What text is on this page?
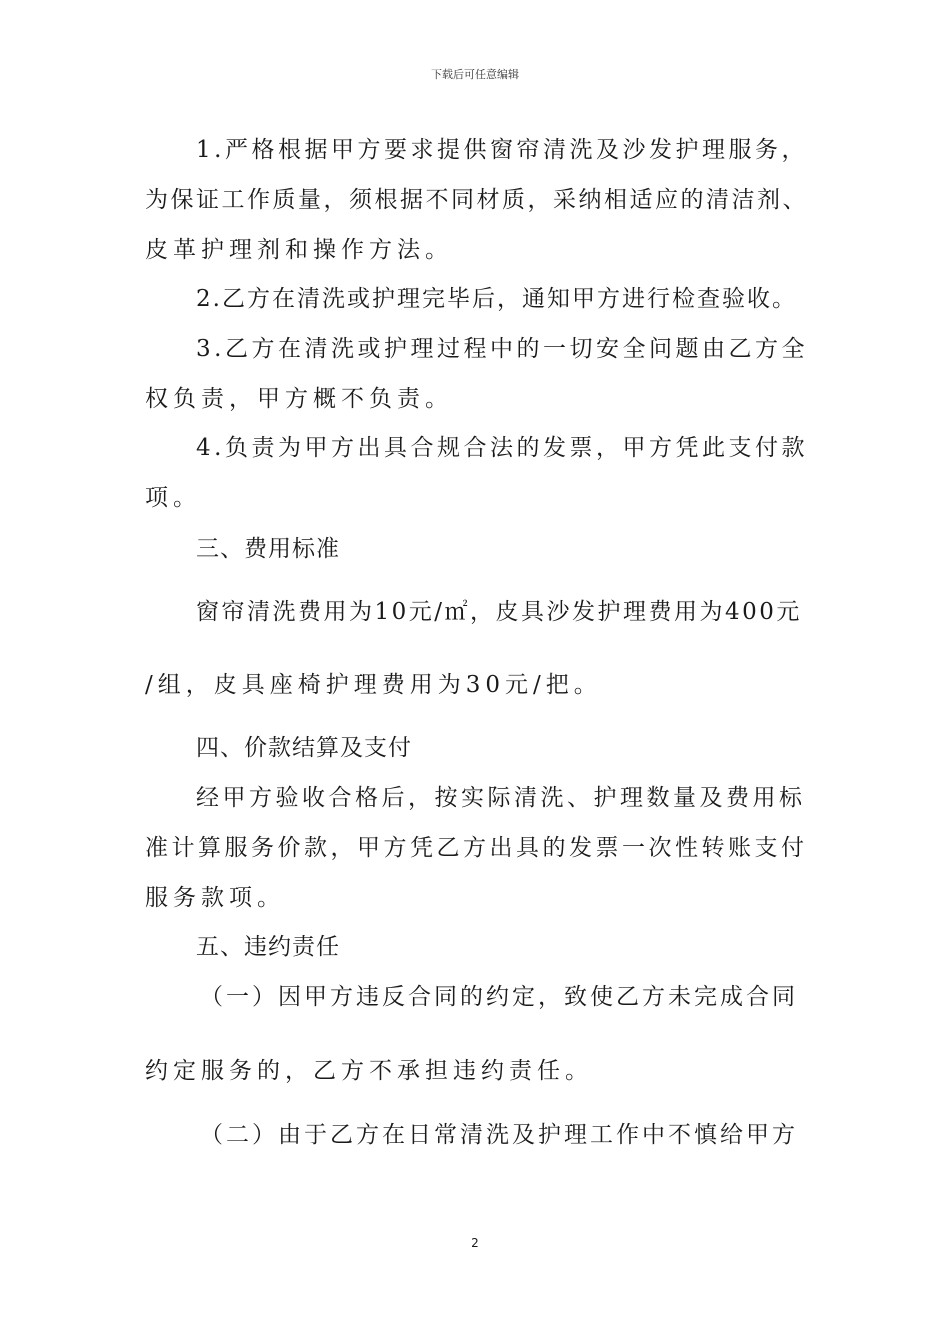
下载后可任意编辑
1.严格根据甲方要求提供窗帘清洗及沙发护理服务，
为保证工作质量，须根据不同材质，采纳相适应的清洁剂、
皮革护理剂和操作方法。
2.乙方在清洗或护理完毕后，通知甲方进行检查验收。
3.乙方在清洗或护理过程中的一切安全问题由乙方全
权负责，甲方概不负责。
4.负责为甲方出具合规合法的发票，甲方凭此支付款
项。
三、费用标准
窗帘清洗费用为10元/㎡，皮具沙发护理费用为400元
/组，皮具座椅护理费用为30元/把。
四、价款结算及支付
经甲方验收合格后，按实际清洗、护理数量及费用标
准计算服务价款，甲方凭乙方出具的发票一次性转账支付
服务款项。
五、违约责任
（一）因甲方违反合同的约定，致使乙方未完成合同
约定服务的，乙方不承担违约责任。
（二）由于乙方在日常清洗及护理工作中不慎给甲方
2
